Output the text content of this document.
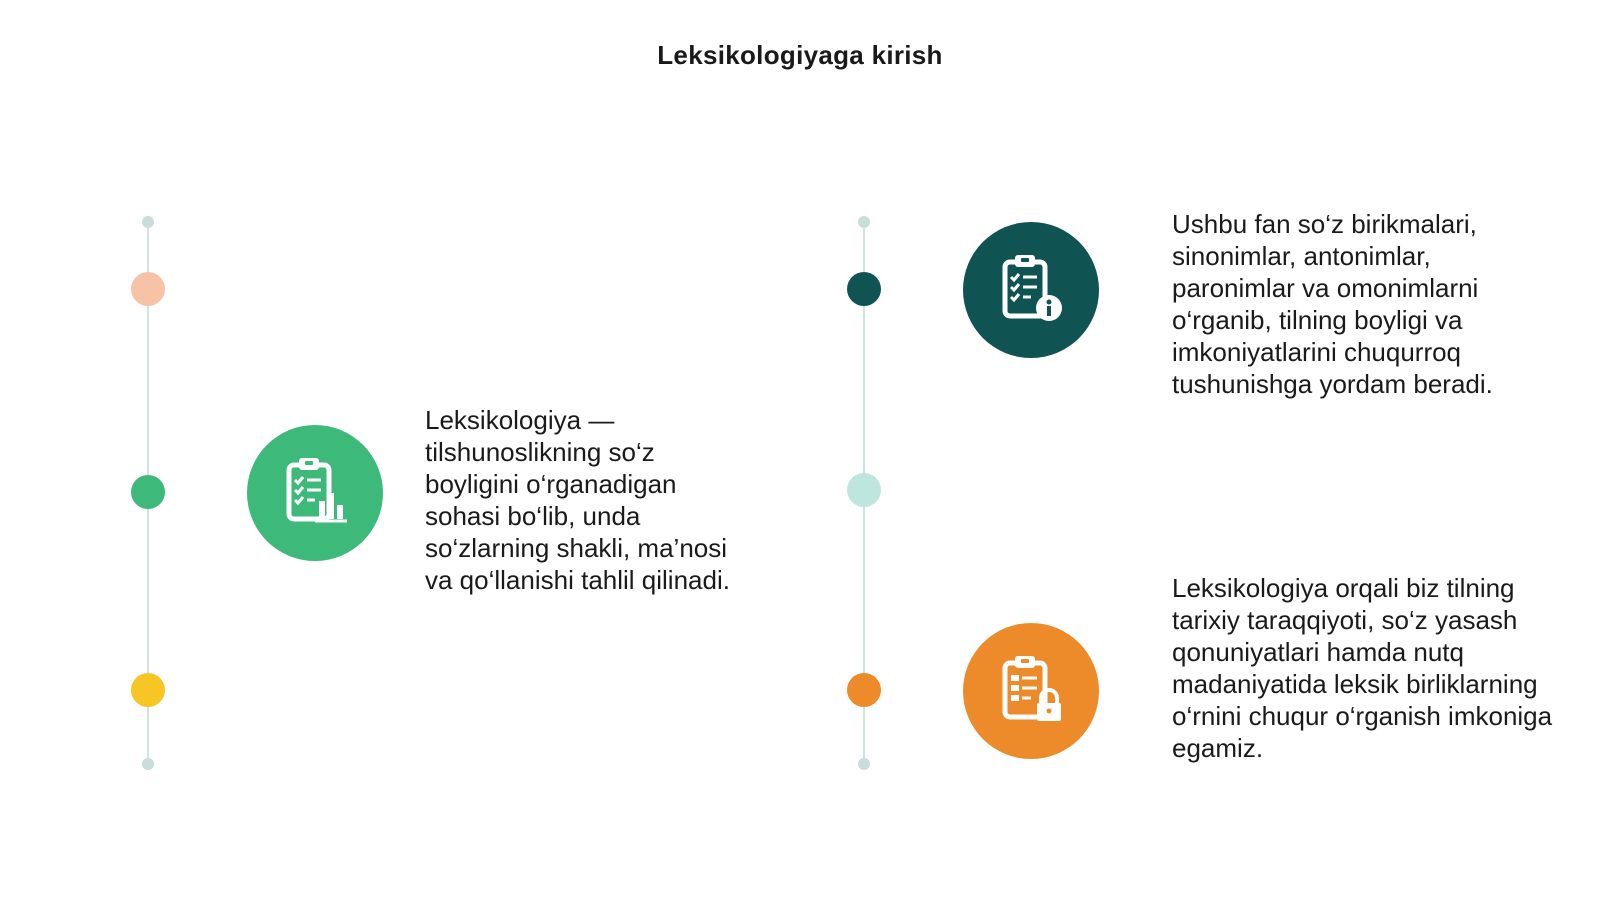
Leksikologiyaga kirish
Leksikologiya — tilshunoslikning so‘z boyligini o‘rganadigan sohasi bo‘lib, unda so‘zlarning shakli, ma’nosi va qo‘llanishi tahlil qilinadi.
Ushbu fan so‘z birikmalari, sinonimlar, antonimlar, paronimlar va omonimlarni o‘rganib, tilning boyligi va imkoniyatlarini chuqurroq tushunishga yordam beradi.
Leksikologiya orqali biz tilning tarixiy taraqqiyoti, so‘z yasash qonuniyatlari hamda nutq madaniyatida leksik birliklarning o‘rnini chuqur o‘rganish imkoniga egamiz.
